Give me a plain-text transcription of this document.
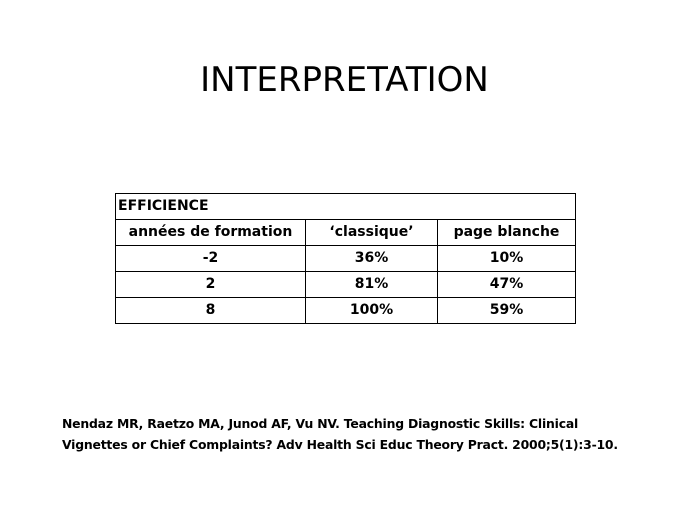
INTERPRETATION
EFFICIENCE		
années de formation	‘classique’	page blanche
-2	36%	10%
2	81%	47%
8	100%	59%

Nendaz MR, Raetzo MA, Junod AF, Vu NV. Teaching Diagnostic Skills: Clinical
Vignettes or Chief Complaints? Adv Health Sci Educ Theory Pract. 2000;5(1):3-10.
